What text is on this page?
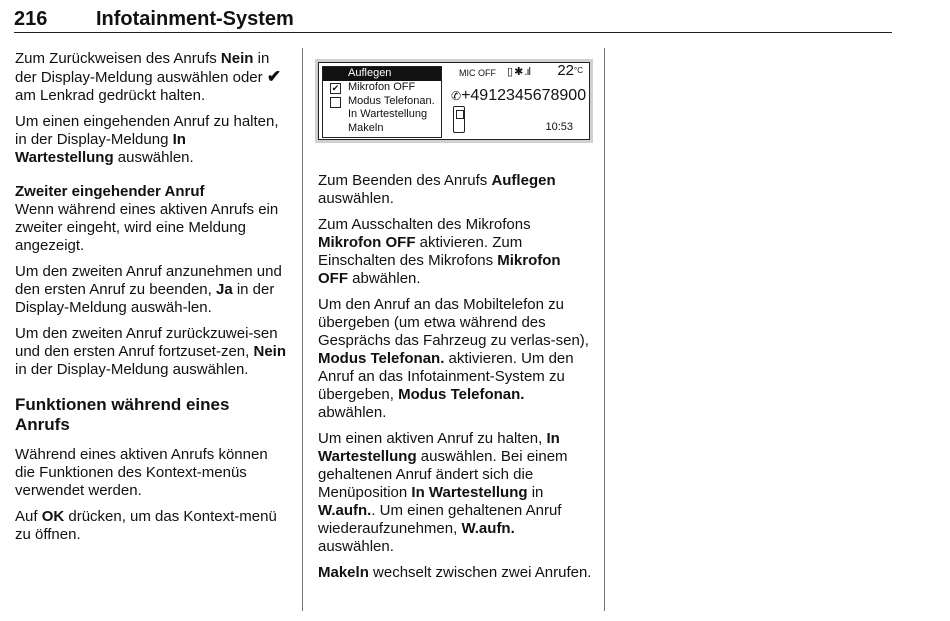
216 Infotainment-System

Zum Zurückweisen des Anrufs Nein in der Display-Meldung auswählen oder ✔ am Lenkrad gedrückt halten.

Um einen eingehenden Anruf zu halten, in der Display-Meldung In Wartestellung auswählen.

Zweiter eingehender Anruf

Wenn während eines aktiven Anrufs ein zweiter eingeht, wird eine Meldung angezeigt.

Um den zweiten Anruf anzunehmen und den ersten Anruf zu beenden, Ja in der Display-Meldung auswäh-len.

Um den zweiten Anruf zurückzuwei-sen und den ersten Anruf fortzuset-zen, Nein in der Display-Meldung auswählen.

Funktionen während eines Anrufs

Während eines aktiven Anrufs können die Funktionen des Kontext-menüs verwendet werden.

Auf OK drücken, um das Kontext-menü zu öffnen.

Auflegen
✔ Mikrofon OFF
Modus Telefonan.
In Wartestellung
Makeln
MIC OFF ▯ ✱ .ıl $22^{^\circ C}$
✆+4912345678900
10:53

Zum Beenden des Anrufs Auflegen auswählen.

Zum Ausschalten des Mikrofons Mikrofon OFF aktivieren. Zum Einschalten des Mikrofons Mikrofon OFF abwählen.

Um den Anruf an das Mobiltelefon zu übergeben (um etwa während des Gesprächs das Fahrzeug zu verlas-sen), Modus Telefonan. aktivieren. Um den Anruf an das Infotainment-System zu übergeben, Modus Telefonan. abwählen.

Um einen aktiven Anruf zu halten, In Wartestellung auswählen. Bei einem gehaltenen Anruf ändert sich die Menüposition In Wartestellung in W.aufn.. Um einen gehaltenen Anruf wiederaufzunehmen, W.aufn. auswählen.

Makeln wechselt zwischen zwei Anrufen.
